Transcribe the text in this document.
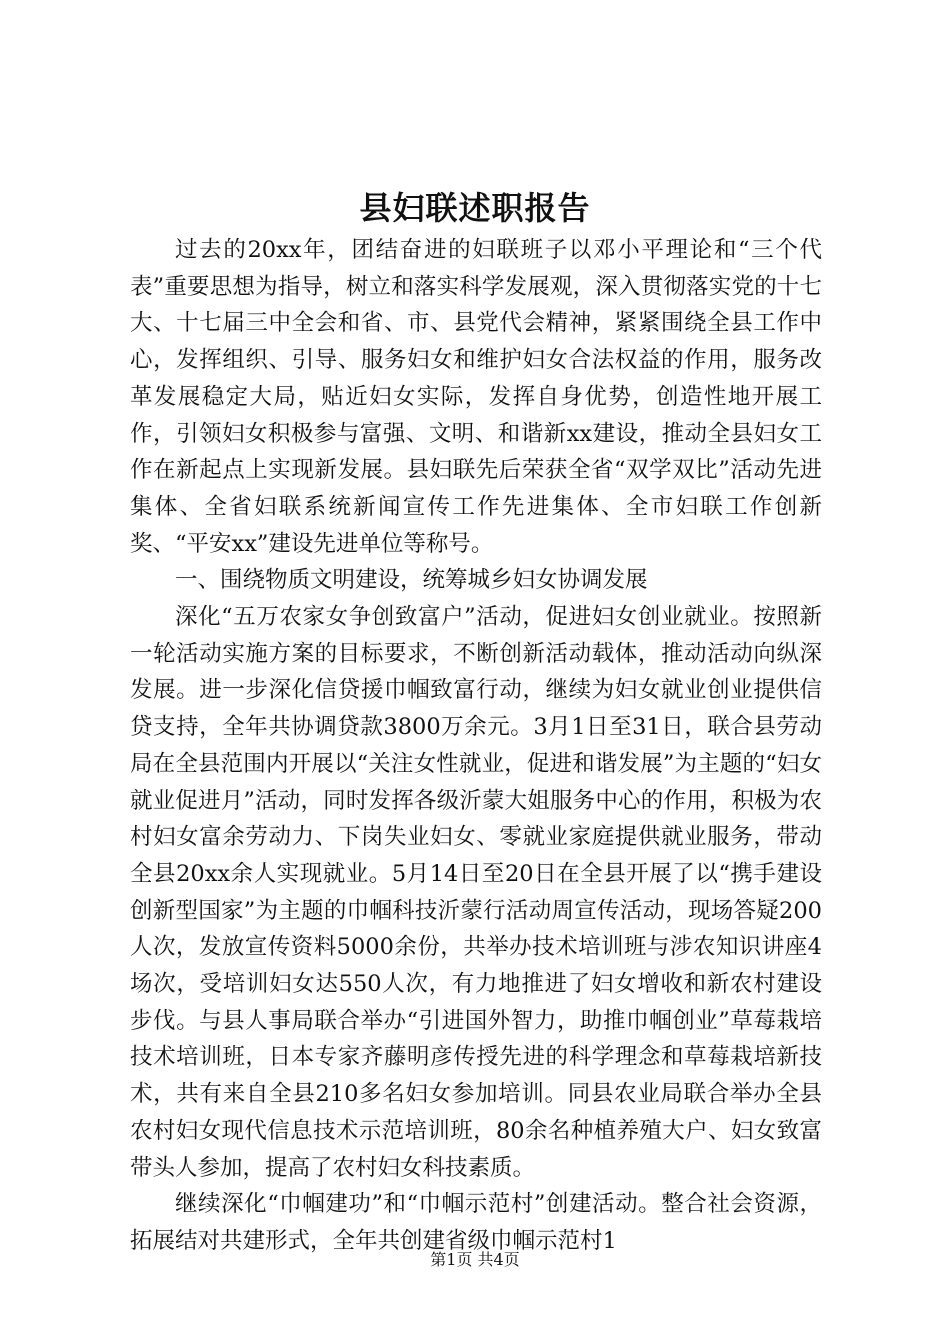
县妇联述职报告

过去的20xx年，团结奋进的妇联班子以邓小平理论和“三个代表”重要思想为指导，树立和落实科学发展观，深入贯彻落实党的十七大、十七届三中全会和省、市、县党代会精神，紧紧围绕全县工作中心，发挥组织、引导、服务妇女和维护妇女合法权益的作用，服务改革发展稳定大局，贴近妇女实际，发挥自身优势，创造性地开展工作，引领妇女积极参与富强、文明、和谐新xx建设，推动全县妇女工作在新起点上实现新发展。县妇联先后荣获全省“双学双比”活动先进集体、全省妇联系统新闻宣传工作先进集体、全市妇联工作创新奖、“平安xx”建设先进单位等称号。

一、围绕物质文明建设，统筹城乡妇女协调发展

深化“五万农家女争创致富户”活动，促进妇女创业就业。按照新一轮活动实施方案的目标要求，不断创新活动载体，推动活动向纵深发展。进一步深化信贷援巾帼致富行动，继续为妇女就业创业提供信贷支持，全年共协调贷款3800万余元。3月1日至31日，联合县劳动局在全县范围内开展以“关注女性就业，促进和谐发展”为主题的“妇女就业促进月”活动，同时发挥各级沂蒙大姐服务中心的作用，积极为农村妇女富余劳动力、下岗失业妇女、零就业家庭提供就业服务，带动全县20xx余人实现就业。5月14日至20日在全县开展了以“携手建设创新型国家”为主题的巾帼科技沂蒙行活动周宣传活动，现场答疑200人次，发放宣传资料5000余份，共举办技术培训班与涉农知识讲座4场次，受培训妇女达550人次，有力地推进了妇女增收和新农村建设步伐。与县人事局联合举办“引进国外智力，助推巾帼创业”草莓栽培技术培训班，日本专家齐藤明彦传授先进的科学理念和草莓栽培新技术，共有来自全县210多名妇女参加培训。同县农业局联合举办全县农村妇女现代信息技术示范培训班，80余名种植养殖大户、妇女致富带头人参加，提高了农村妇女科技素质。

继续深化“巾帼建功”和“巾帼示范村”创建活动。整合社会资源，拓展结对共建形式，全年共创建省级巾帼示范村1

第1页 共4页
